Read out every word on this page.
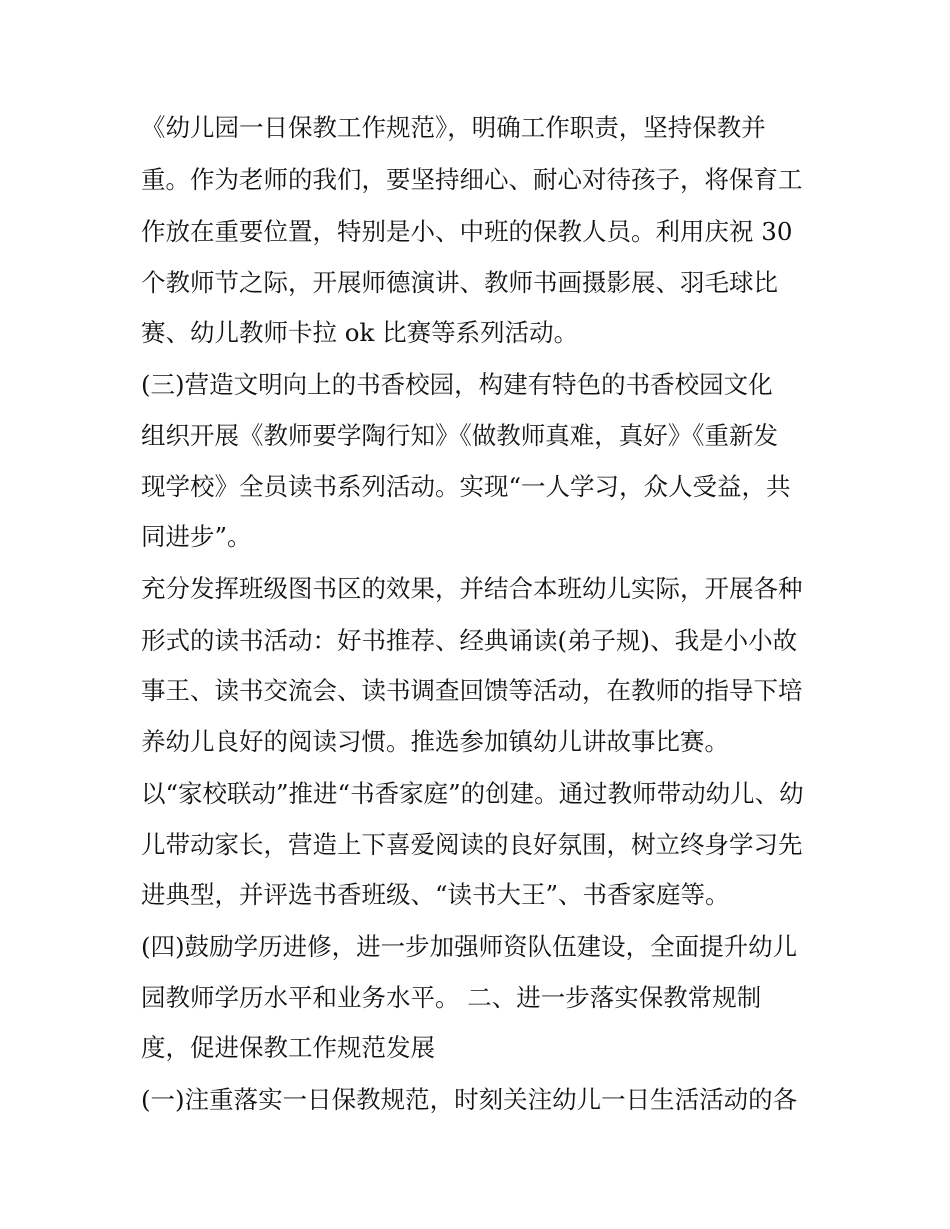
《幼儿园一日保教工作规范》，明确工作职责，坚持保教并
重。作为老师的我们，要坚持细心、耐心对待孩子，将保育工
作放在重要位置，特别是小、中班的保教人员。利用庆祝 30
个教师节之际，开展师德演讲、教师书画摄影展、羽毛球比
赛、幼儿教师卡拉 ok 比赛等系列活动。
(三)营造文明向上的书香校园，构建有特色的书香校园文化
组织开展《教师要学陶行知》《做教师真难，真好》《重新发
现学校》全员读书系列活动。实现“一人学习，众人受益，共
同进步”。
充分发挥班级图书区的效果，并结合本班幼儿实际，开展各种
形式的读书活动：好书推荐、经典诵读(弟子规)、我是小小故
事王、读书交流会、读书调查回馈等活动，在教师的指导下培
养幼儿良好的阅读习惯。推选参加镇幼儿讲故事比赛。
以“家校联动”推进“书香家庭”的创建。通过教师带动幼儿、幼
儿带动家长，营造上下喜爱阅读的良好氛围，树立终身学习先
进典型，并评选书香班级、“读书大王”、书香家庭等。
(四)鼓励学历进修，进一步加强师资队伍建设，全面提升幼儿
园教师学历水平和业务水平。 二、进一步落实保教常规制
度，促进保教工作规范发展
(一)注重落实一日保教规范，时刻关注幼儿一日生活活动的各
